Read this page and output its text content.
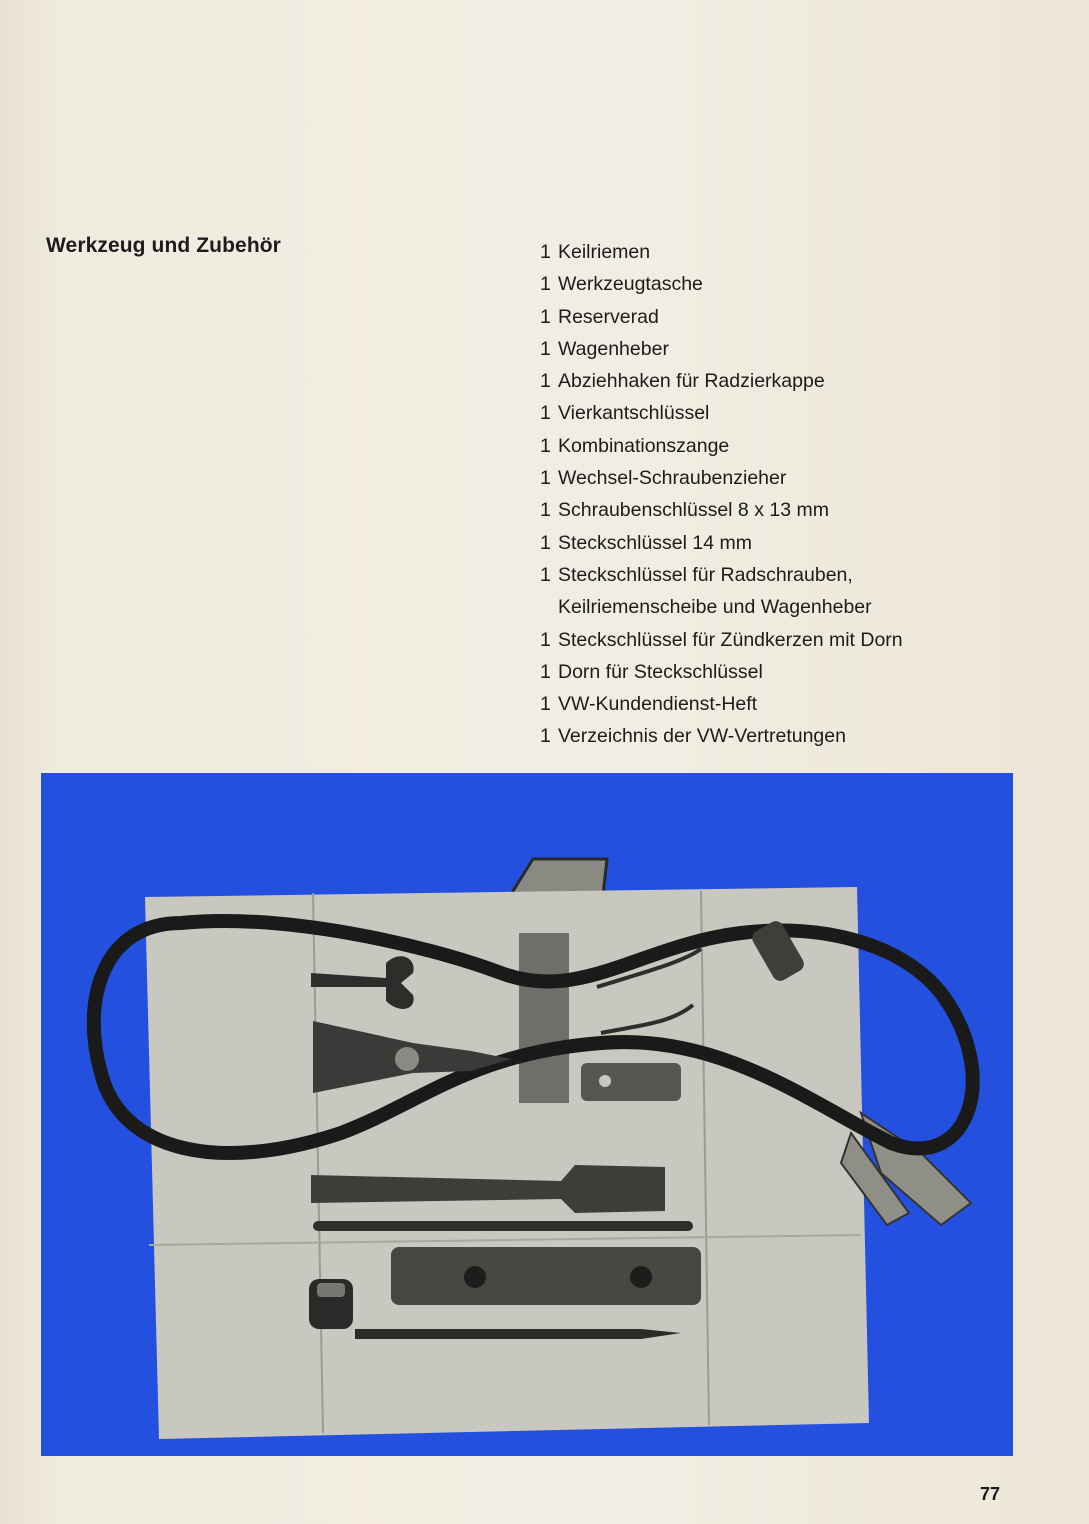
Werkzeug und Zubehör	1 Keilriemen
1 Werkzeugtasche
1 Reserverad
1 Wagenheber
1 Abziehhaken für Radzierkappe
1 Vierkantschlüssel
1 Kombinationszange
1 Wechsel-Schraubenzieher
1 Schraubenschlüssel 8 x 13 mm
1 Steckschlüssel 14 mm
1 Steckschlüssel für Radschrauben,
Keilriemenscheibe und Wagenheber
1 Steckschlüssel für Zündkerzen mit Dorn
1 Dorn für Steckschlüssel
1 VW-Kundendienst-Heft
1 Verzeichnis der VW-Vertretungen

77
